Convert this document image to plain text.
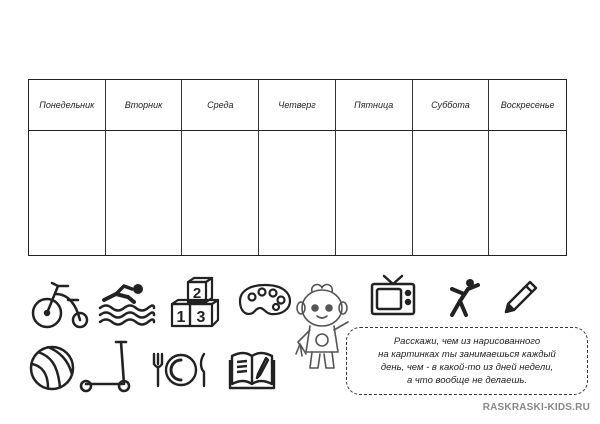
Понедельник	Вторник	Среда	Четверг	Пятница	Суббота	Воскресенье
2
1 3
Расскажи, чем из нарисованного
на картинках ты занимаешься каждый
день, чем - в какой-то из дней недели,
а что вообще не делаешь.
RASKRASKI-KIDS.RU
